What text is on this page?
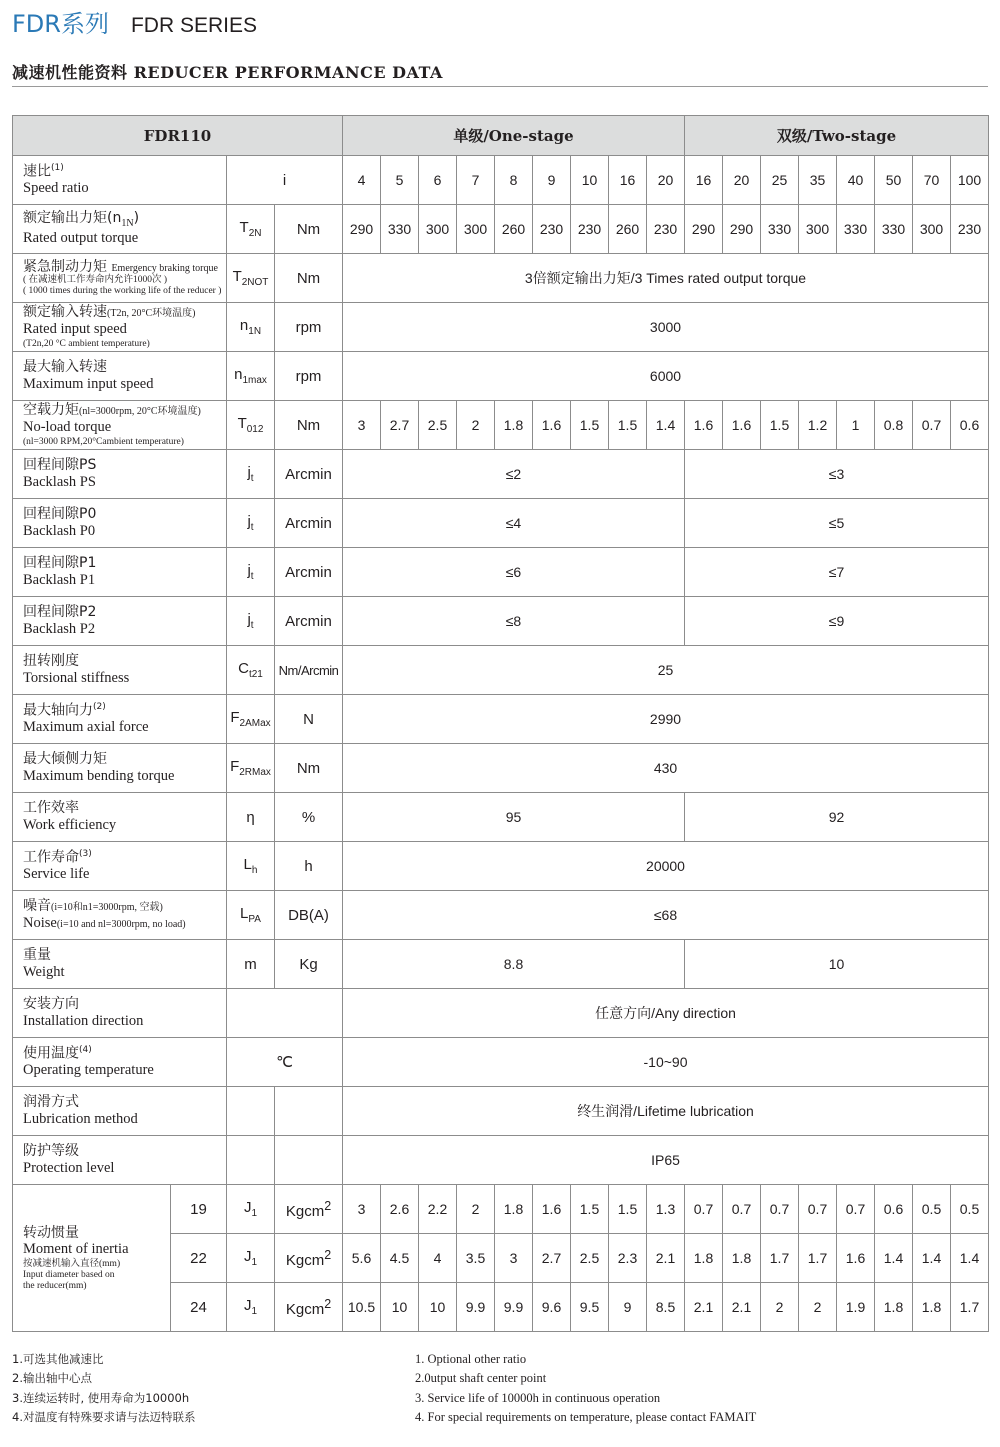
FDR系列 FDR SERIES
减速机性能资料 REDUCER PERFORMANCE DATA
FDR110	单级/One-stage	双级/Two-stage

速比$^{(1)}$
Speed ratio	i	4	5	6	7	8	9	10	16	20	16	20	25	35	40	50	70	100

额定输出力矩$(n_{1N})$
Rated output torque
	$T_{2N}$	Nm	290	330	300	300	260	230	230	260	230	290	290	330	300	330	330	300	230

紧急制动力矩 Emergency braking torque
( 在减速机工作寿命内允许1000次 )
( 1000 times during the working life of the reducer )
	$T_{2NOT}$	Nm	3倍额定输出力矩/3 Times rated output torque

额定输入转速(T2n, 20°C环境温度)
Rated input speed
(T2n,20 °C ambient temperature)
	$n_{1N}$	rpm	3000

最大输入转速
Maximum input speed
	$n_{1max}$	rpm	6000

空载力矩(nl=3000rpm, 20°C环境温度)
No-load torque
(nl=3000 RPM,20°Cambient temperature)
	$T_{012}$	Nm	3	2.7	2.5	2	1.8	1.6	1.5	1.5	1.4	1.6	1.6	1.5	1.2	1	0.8	0.7	0.6

回程间隙PS
Backlash PS
	$j_t$	Arcmin	≤2	≤3

回程间隙P0
Backlash P0
	$j_t$	Arcmin	≤4	≤5

回程间隙P1
Backlash P1
	$j_t$	Arcmin	≤6	≤7

回程间隙P2
Backlash P2
	$j_t$	Arcmin	≤8	≤9

扭转刚度
Torsional stiffness
	$C_{t21}$	Nm/Arcmin	25

最大轴向力$^{(2)}$
Maximum axial force
	$F_{2AMax}$	N	2990

最大倾侧力矩
Maximum bending torque
	$F_{2RMax}$	Nm	430

工作效率
Work efficiency	η	%	95	92

工作寿命$^{(3)}$
Service life
	$L_h$	h	20000

噪音(i=10和n1=3000rpm, 空载)
Noise(i=10 and nl=3000rpm, no load)
	$L_{PA}$	DB(A)	≤68

重量
Weight	m	Kg	8.8	10

安装方向
Installation direction		任意方向/Any direction

使用温度$^{(4)}$
Operating temperature	℃	-10~90

润滑方式
Lubrication method			终生润滑/Lifetime lubrication

防护等级
Protection level			IP65

转动惯量
Moment of inertia
按减速机输入直径(mm)
Input diameter based on
the reducer(mm)
	19	$J_1$	Kgcm$^2$	3	2.6	2.2	2	1.8	1.6	1.5	1.5	1.3	0.7	0.7	0.7	0.7	0.7	0.6	0.5	0.5
22	$J_1$	Kgcm$^2$	5.6	4.5	4	3.5	3	2.7	2.5	2.3	2.1	1.8	1.8	1.7	1.7	1.6	1.4	1.4	1.4
24	$J_1$	Kgcm$^2$	10.5	10	10	9.9	9.9	9.6	9.5	9	8.5	2.1	2.1	2	2	1.9	1.8	1.8	1.7
1.可选其他减速比
2.输出轴中心点
3.连续运转时, 使用寿命为10000h
4.对温度有特殊要求请与法迈特联系
1. Optional other ratio
2.0utput shaft center point
3. Service life of 10000h in continuous operation
4. For special requirements on temperature, please contact FAMAIT
